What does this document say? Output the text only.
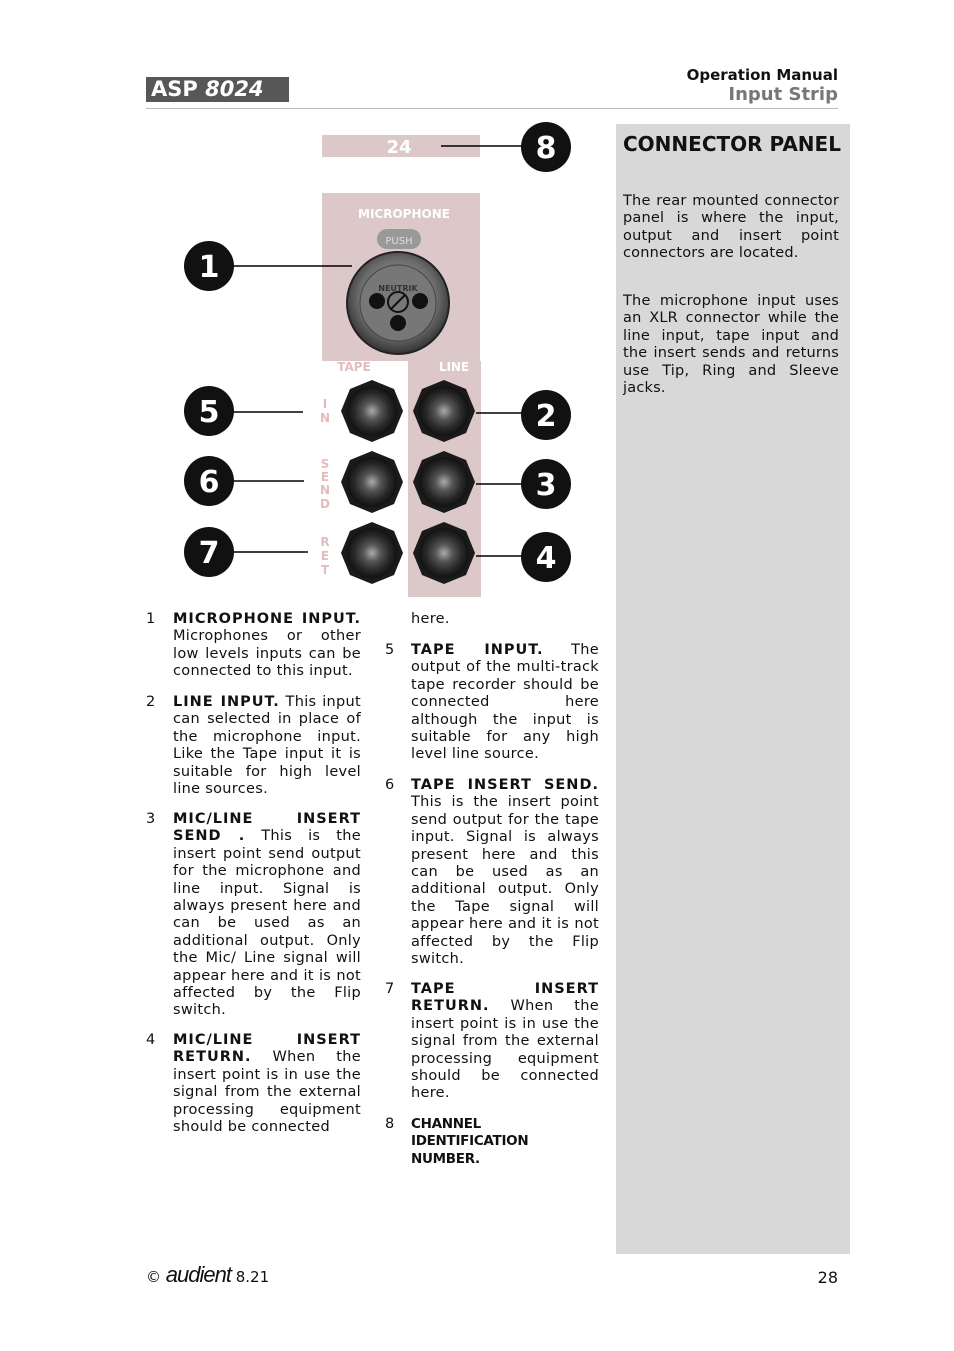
ASP 8024
Operation Manual
Input Strip
CONNECTOR PANEL
The rear mounted connector panel is where the input, output and insert point connectors are located.
The microphone input uses an XLR connector while the line input, tape input and the insert sends and returns use Tip, Ring and Sleeve jacks.
24
MICROPHONE
TAPE	LINE
I
N
S
E
N
D
R
E
T
PUSH
NEUTRIK
1
5
6
7
8
2
3
4
1 MICROPHONE INPUT. Microphones or other low levels inputs can be connected to this input.
2 LINE INPUT. This input can selected in place of the microphone input. Like the Tape input it is suitable for high level line sources.
3 MIC/LINE INSERT SEND . This is the insert point send output for the microphone and line input. Signal is always present here and can be used as an additional output. Only the Mic/ Line signal will appear here and it is not affected by the Flip switch.
4 MIC/LINE INSERT RETURN. When the insert point is in use the signal from the external processing equipment should be connected
here.
5 TAPE INPUT. The output of the multi-track tape recorder should be connected here although the input is suitable for any high level line source.
6 TAPE INSERT SEND. This is the insert point send output for the tape input. Signal is always present here and this can be used as an additional output. Only the Tape signal will appear here and it is not affected by the Flip switch.
7 TAPE INSERT RETURN. When the insert point is in use the signal from the external processing equipment should be connected here.
8 CHANNEL IDENTIFICATION NUMBER.
© audient 8.21	28
